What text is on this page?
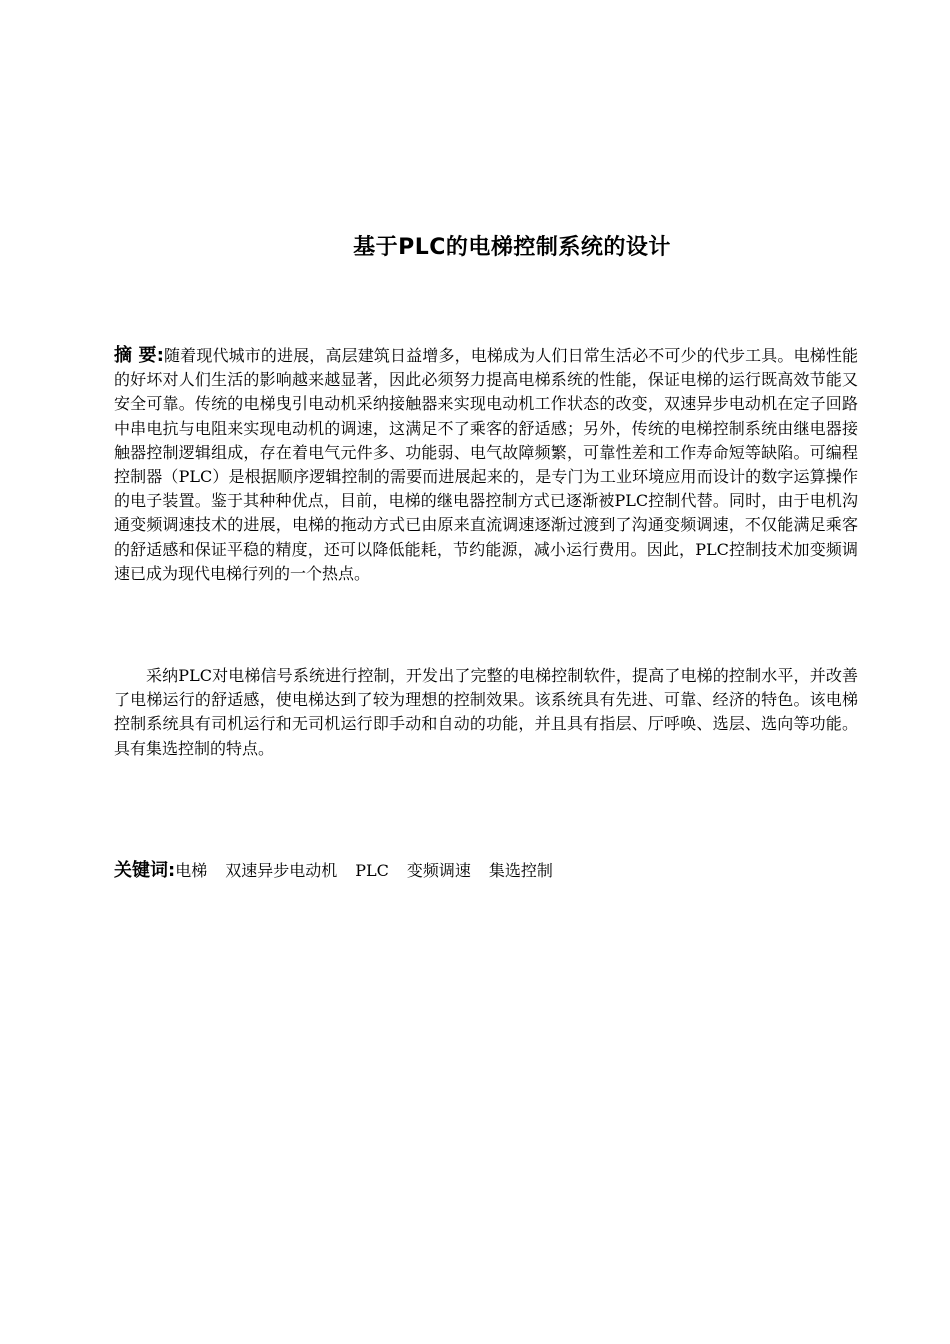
基于PLC的电梯控制系统的设计

摘 要:随着现代城市的进展，高层建筑日益增多，电梯成为人们日常生活必不可少的代步工具。电梯性能的好坏对人们生活的影响越来越显著，因此必须努力提高电梯系统的性能，保证电梯的运行既高效节能又安全可靠。传统的电梯曳引电动机采纳接触器来实现电动机工作状态的改变，双速异步电动机在定子回路中串电抗与电阻来实现电动机的调速，这满足不了乘客的舒适感；另外，传统的电梯控制系统由继电器接触器控制逻辑组成，存在着电气元件多、功能弱、电气故障频繁，可靠性差和工作寿命短等缺陷。可编程控制器（PLC）是根据顺序逻辑控制的需要而进展起来的，是专门为工业环境应用而设计的数字运算操作的电子装置。鉴于其种种优点，目前，电梯的继电器控制方式已逐渐被PLC控制代替。同时，由于电机沟通变频调速技术的进展，电梯的拖动方式已由原来直流调速逐渐过渡到了沟通变频调速，不仅能满足乘客的舒适感和保证平稳的精度，还可以降低能耗，节约能源，减小运行费用。因此，PLC控制技术加变频调速已成为现代电梯行列的一个热点。

采纳PLC对电梯信号系统进行控制，开发出了完整的电梯控制软件，提高了电梯的控制水平，并改善了电梯运行的舒适感，使电梯达到了较为理想的控制效果。该系统具有先进、可靠、经济的特色。该电梯控制系统具有司机运行和无司机运行即手动和自动的功能，并且具有指层、厅呼唤、选层、选向等功能。具有集选控制的特点。

关键词:电梯 双速异步电动机 PLC 变频调速 集选控制
